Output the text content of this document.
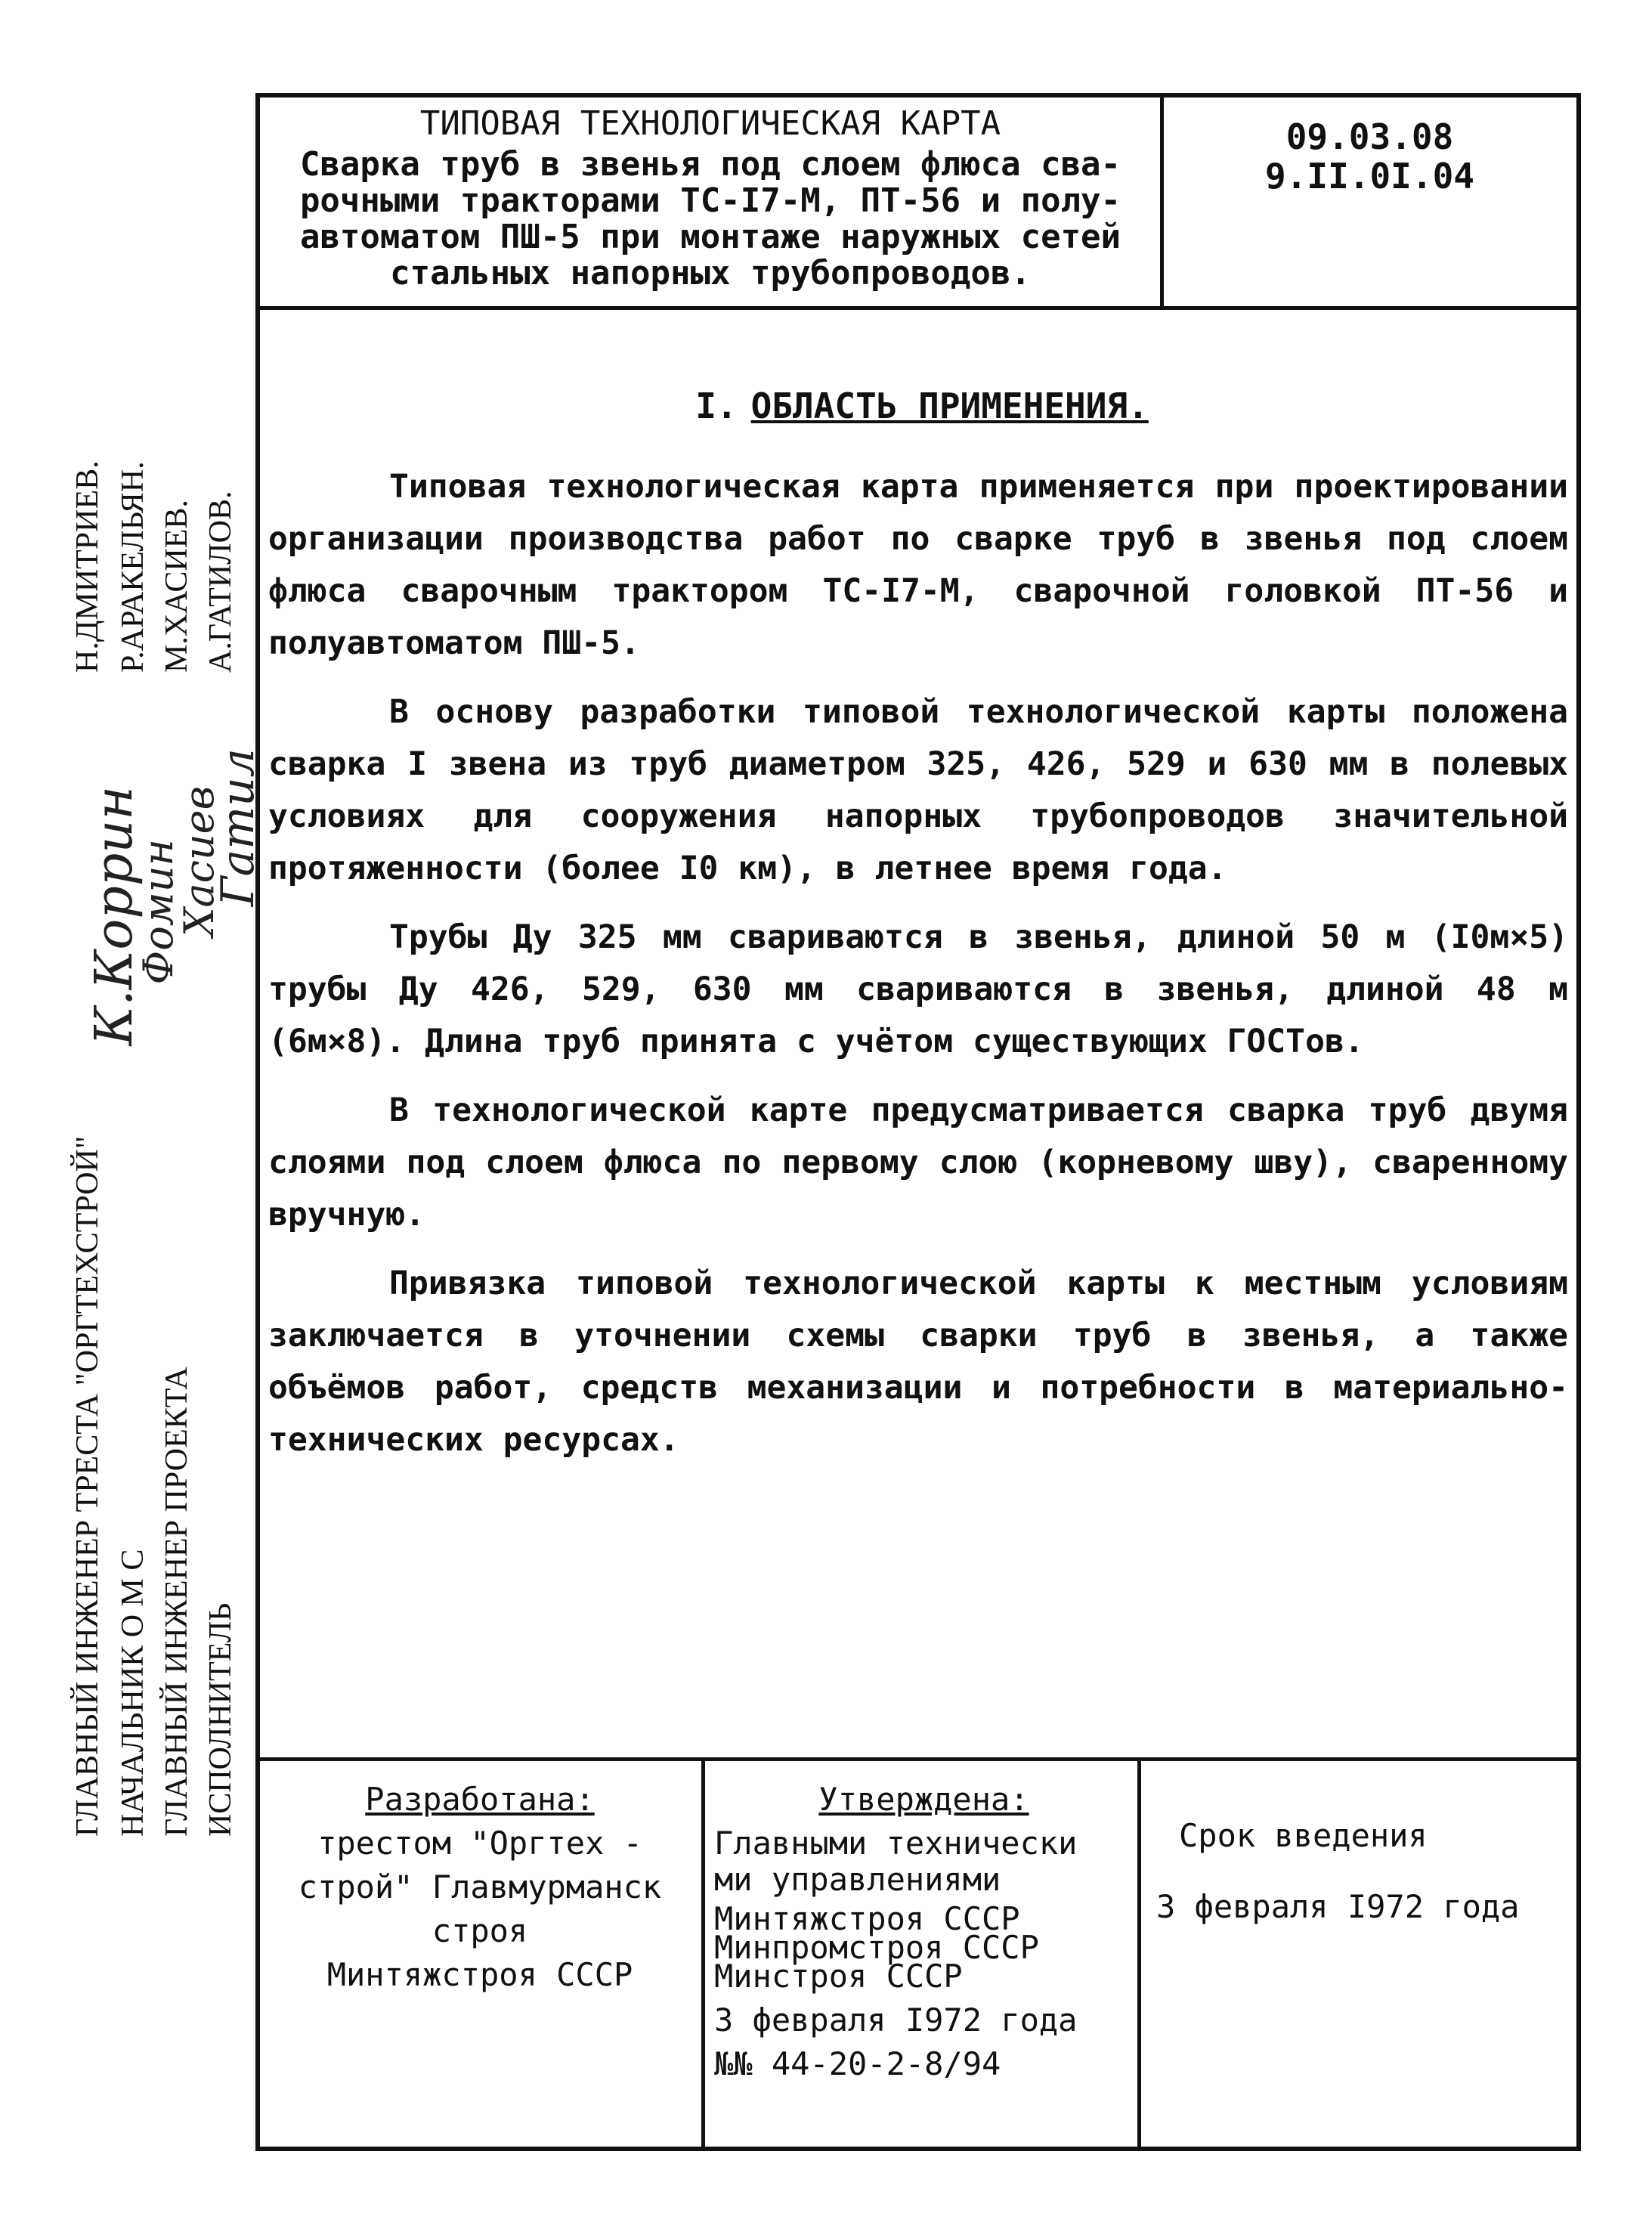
ГЛАВНЫЙ ИНЖЕНЕР ТРЕСТА "ОРГТЕХСТРОЙ" НАЧАЛЬНИК О М С ГЛАВНЫЙ ИНЖЕНЕР ПРОЕКТА ИСПОЛНИТЕЛЬ
Н.ДМИТРИЕВ. Р.АРАКЕЛЬЯН. М.ХАСИЕВ. А.ГАТИЛОВ.
К.Коррин
Фомин
Хасиев
Гатил
ТИПОВАЯ ТЕХНОЛОГИЧЕСКАЯ КАРТА
Сварка труб в звенья под слоем флюса сва-
рочными тракторами ТС-I7-М, ПТ-56 и полу-
автоматом ПШ-5 при монтаже наружных сетей
стальных напорных трубопроводов.
09.03.08
9.II.0I.04
I. ОБЛАСТЬ ПРИМЕНЕНИЯ.

Типовая технологическая карта применяется при проектировании организации производства работ по сварке труб в звенья под слоем флюса сварочным трактором ТС-I7-М, сварочной головкой ПТ-56 и полуавтоматом ПШ-5.

В основу разработки типовой технологической карты положена сварка I звена из труб диаметром 325, 426, 529 и 630 мм в полевых условиях для сооружения напорных трубопроводов значительной протяженности (более I0 км), в летнее время года.

Трубы Ду 325 мм свариваются в звенья, длиной 50 м (I0м×5) трубы Ду 426, 529, 630 мм свариваются в звенья, длиной 48 м (6м×8). Длина труб принята с учётом существующих ГОСТов.

В технологической карте предусматривается сварка труб двумя слоями под слоем флюса по первому слою (корневому шву), сваренному вручную.

Привязка типовой технологической карты к местным условиям заключается в уточнении схемы сварки труб в звенья, а также объёмов работ, средств механизации и потребности в материально-технических ресурсах.

Разработана:
трестом "Оргтех -
строй" Главмурманск
строя
Минтяжстроя СССР
Утверждена:
Главными технически
ми управлениями
Минтяжстроя СССР
Минпромстроя СССР
Минстроя СССР
3 февраля I972 года
№№ 44-20-2-8/94
Срок введения
3 февраля I972 года
